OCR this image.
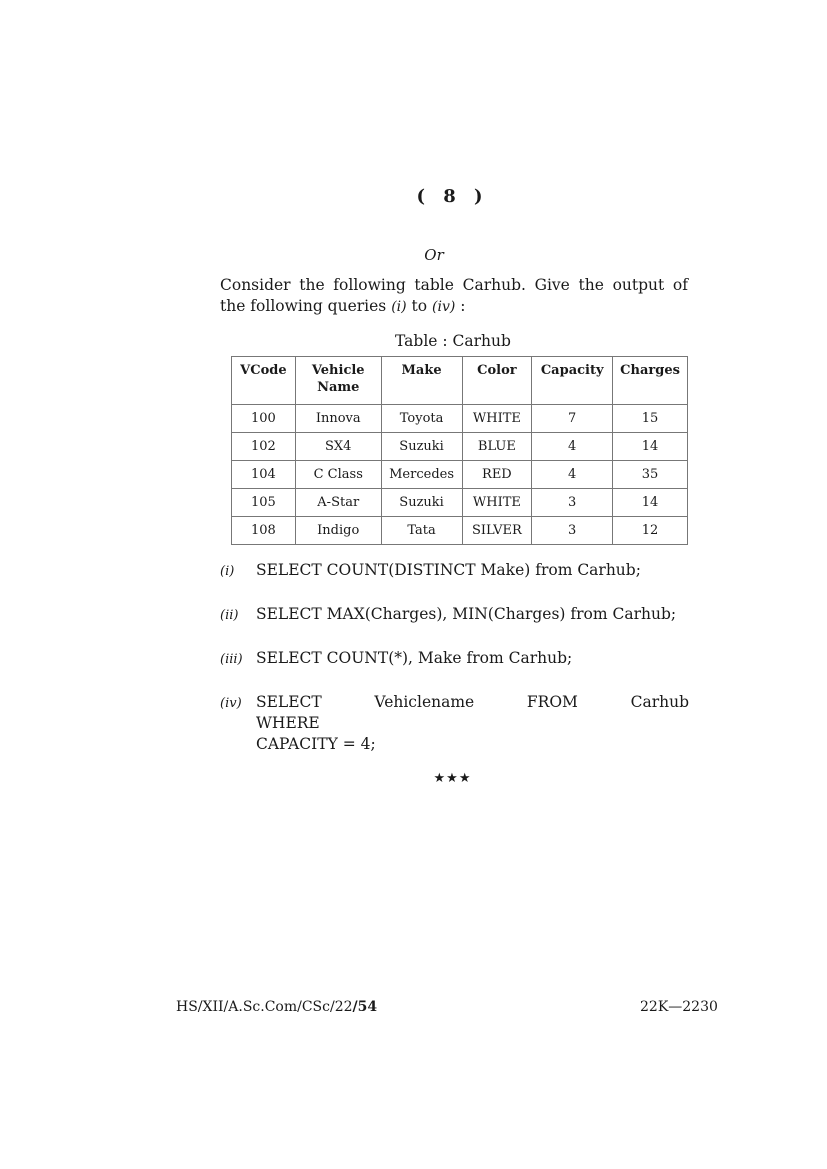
( 8 )
Or
Consider the following table Carhub. Give the output of the following queries (i) to (iv) :
Table : Carhub
VCode	Vehicle Name	Make	Color	Capacity	Charges
100	Innova	Toyota	WHITE	7	15
102	SX4	Suzuki	BLUE	4	14
104	C Class	Mercedes	RED	4	35
105	A-Star	Suzuki	WHITE	3	14
108	Indigo	Tata	SILVER	3	12
(i) SELECT COUNT(DISTINCT Make) from Carhub;
(ii) SELECT MAX(Charges), MIN(Charges) from Carhub;
(iii) SELECT COUNT(*), Make from Carhub;
(iv) SELECT Vehiclename FROM Carhub WHERE
CAPACITY = 4;
★★★
HS/XII/A.Sc.Com/CSc/22/54	22K—2230
